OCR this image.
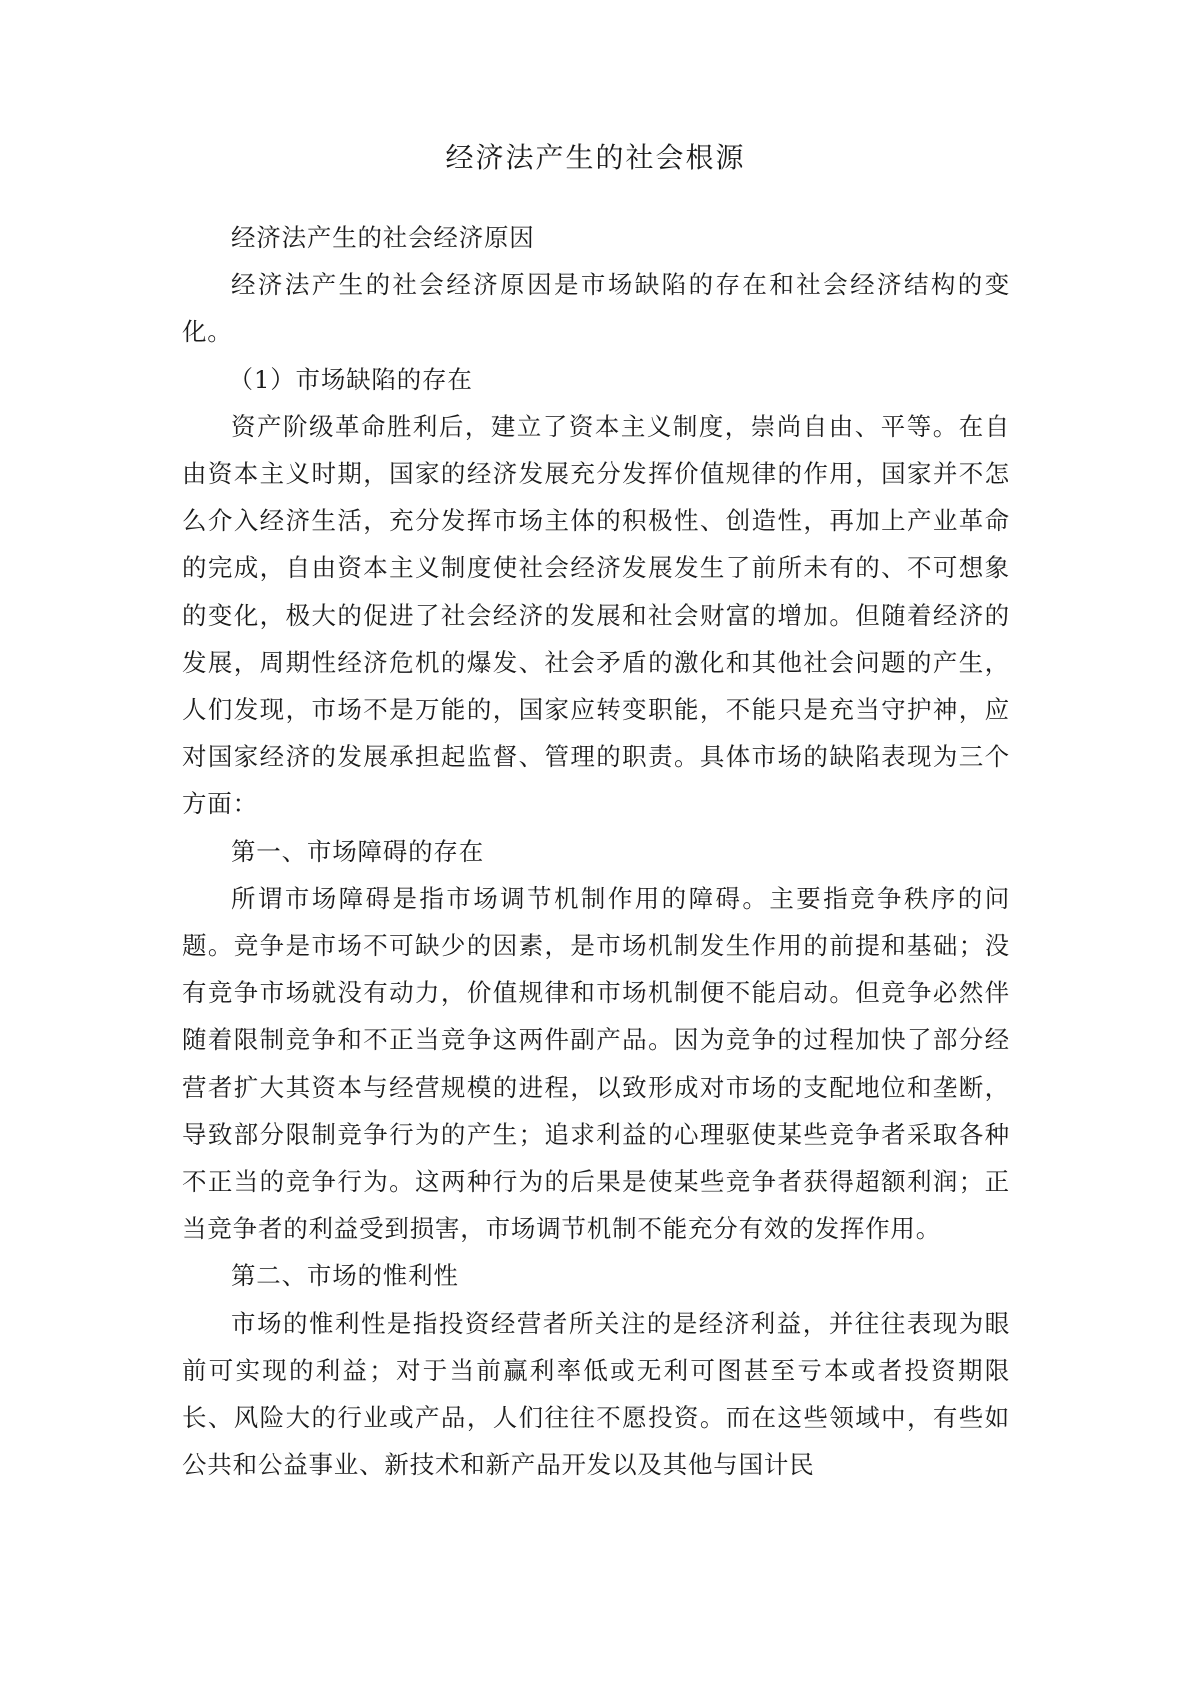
经济法产生的社会根源

经济法产生的社会经济原因

经济法产生的社会经济原因是市场缺陷的存在和社会经济结构的变化。

（1）市场缺陷的存在

资产阶级革命胜利后，建立了资本主义制度，崇尚自由、平等。在自由资本主义时期，国家的经济发展充分发挥价值规律的作用，国家并不怎么介入经济生活，充分发挥市场主体的积极性、创造性，再加上产业革命的完成，自由资本主义制度使社会经济发展发生了前所未有的、不可想象的变化，极大的促进了社会经济的发展和社会财富的增加。但随着经济的发展，周期性经济危机的爆发、社会矛盾的激化和其他社会问题的产生，人们发现，市场不是万能的，国家应转变职能，不能只是充当守护神，应对国家经济的发展承担起监督、管理的职责。具体市场的缺陷表现为三个方面：

第一、市场障碍的存在

所谓市场障碍是指市场调节机制作用的障碍。主要指竞争秩序的问题。竞争是市场不可缺少的因素，是市场机制发生作用的前提和基础；没有竞争市场就没有动力，价值规律和市场机制便不能启动。但竞争必然伴随着限制竞争和不正当竞争这两件副产品。因为竞争的过程加快了部分经营者扩大其资本与经营规模的进程，以致形成对市场的支配地位和垄断，导致部分限制竞争行为的产生；追求利益的心理驱使某些竞争者采取各种不正当的竞争行为。这两种行为的后果是使某些竞争者获得超额利润；正当竞争者的利益受到损害，市场调节机制不能充分有效的发挥作用。

第二、市场的惟利性

市场的惟利性是指投资经营者所关注的是经济利益，并往往表现为眼前可实现的利益；对于当前赢利率低或无利可图甚至亏本或者投资期限长、风险大的行业或产品，人们往往不愿投资。而在这些领域中，有些如公共和公益事业、新技术和新产品开发以及其他与国计民
